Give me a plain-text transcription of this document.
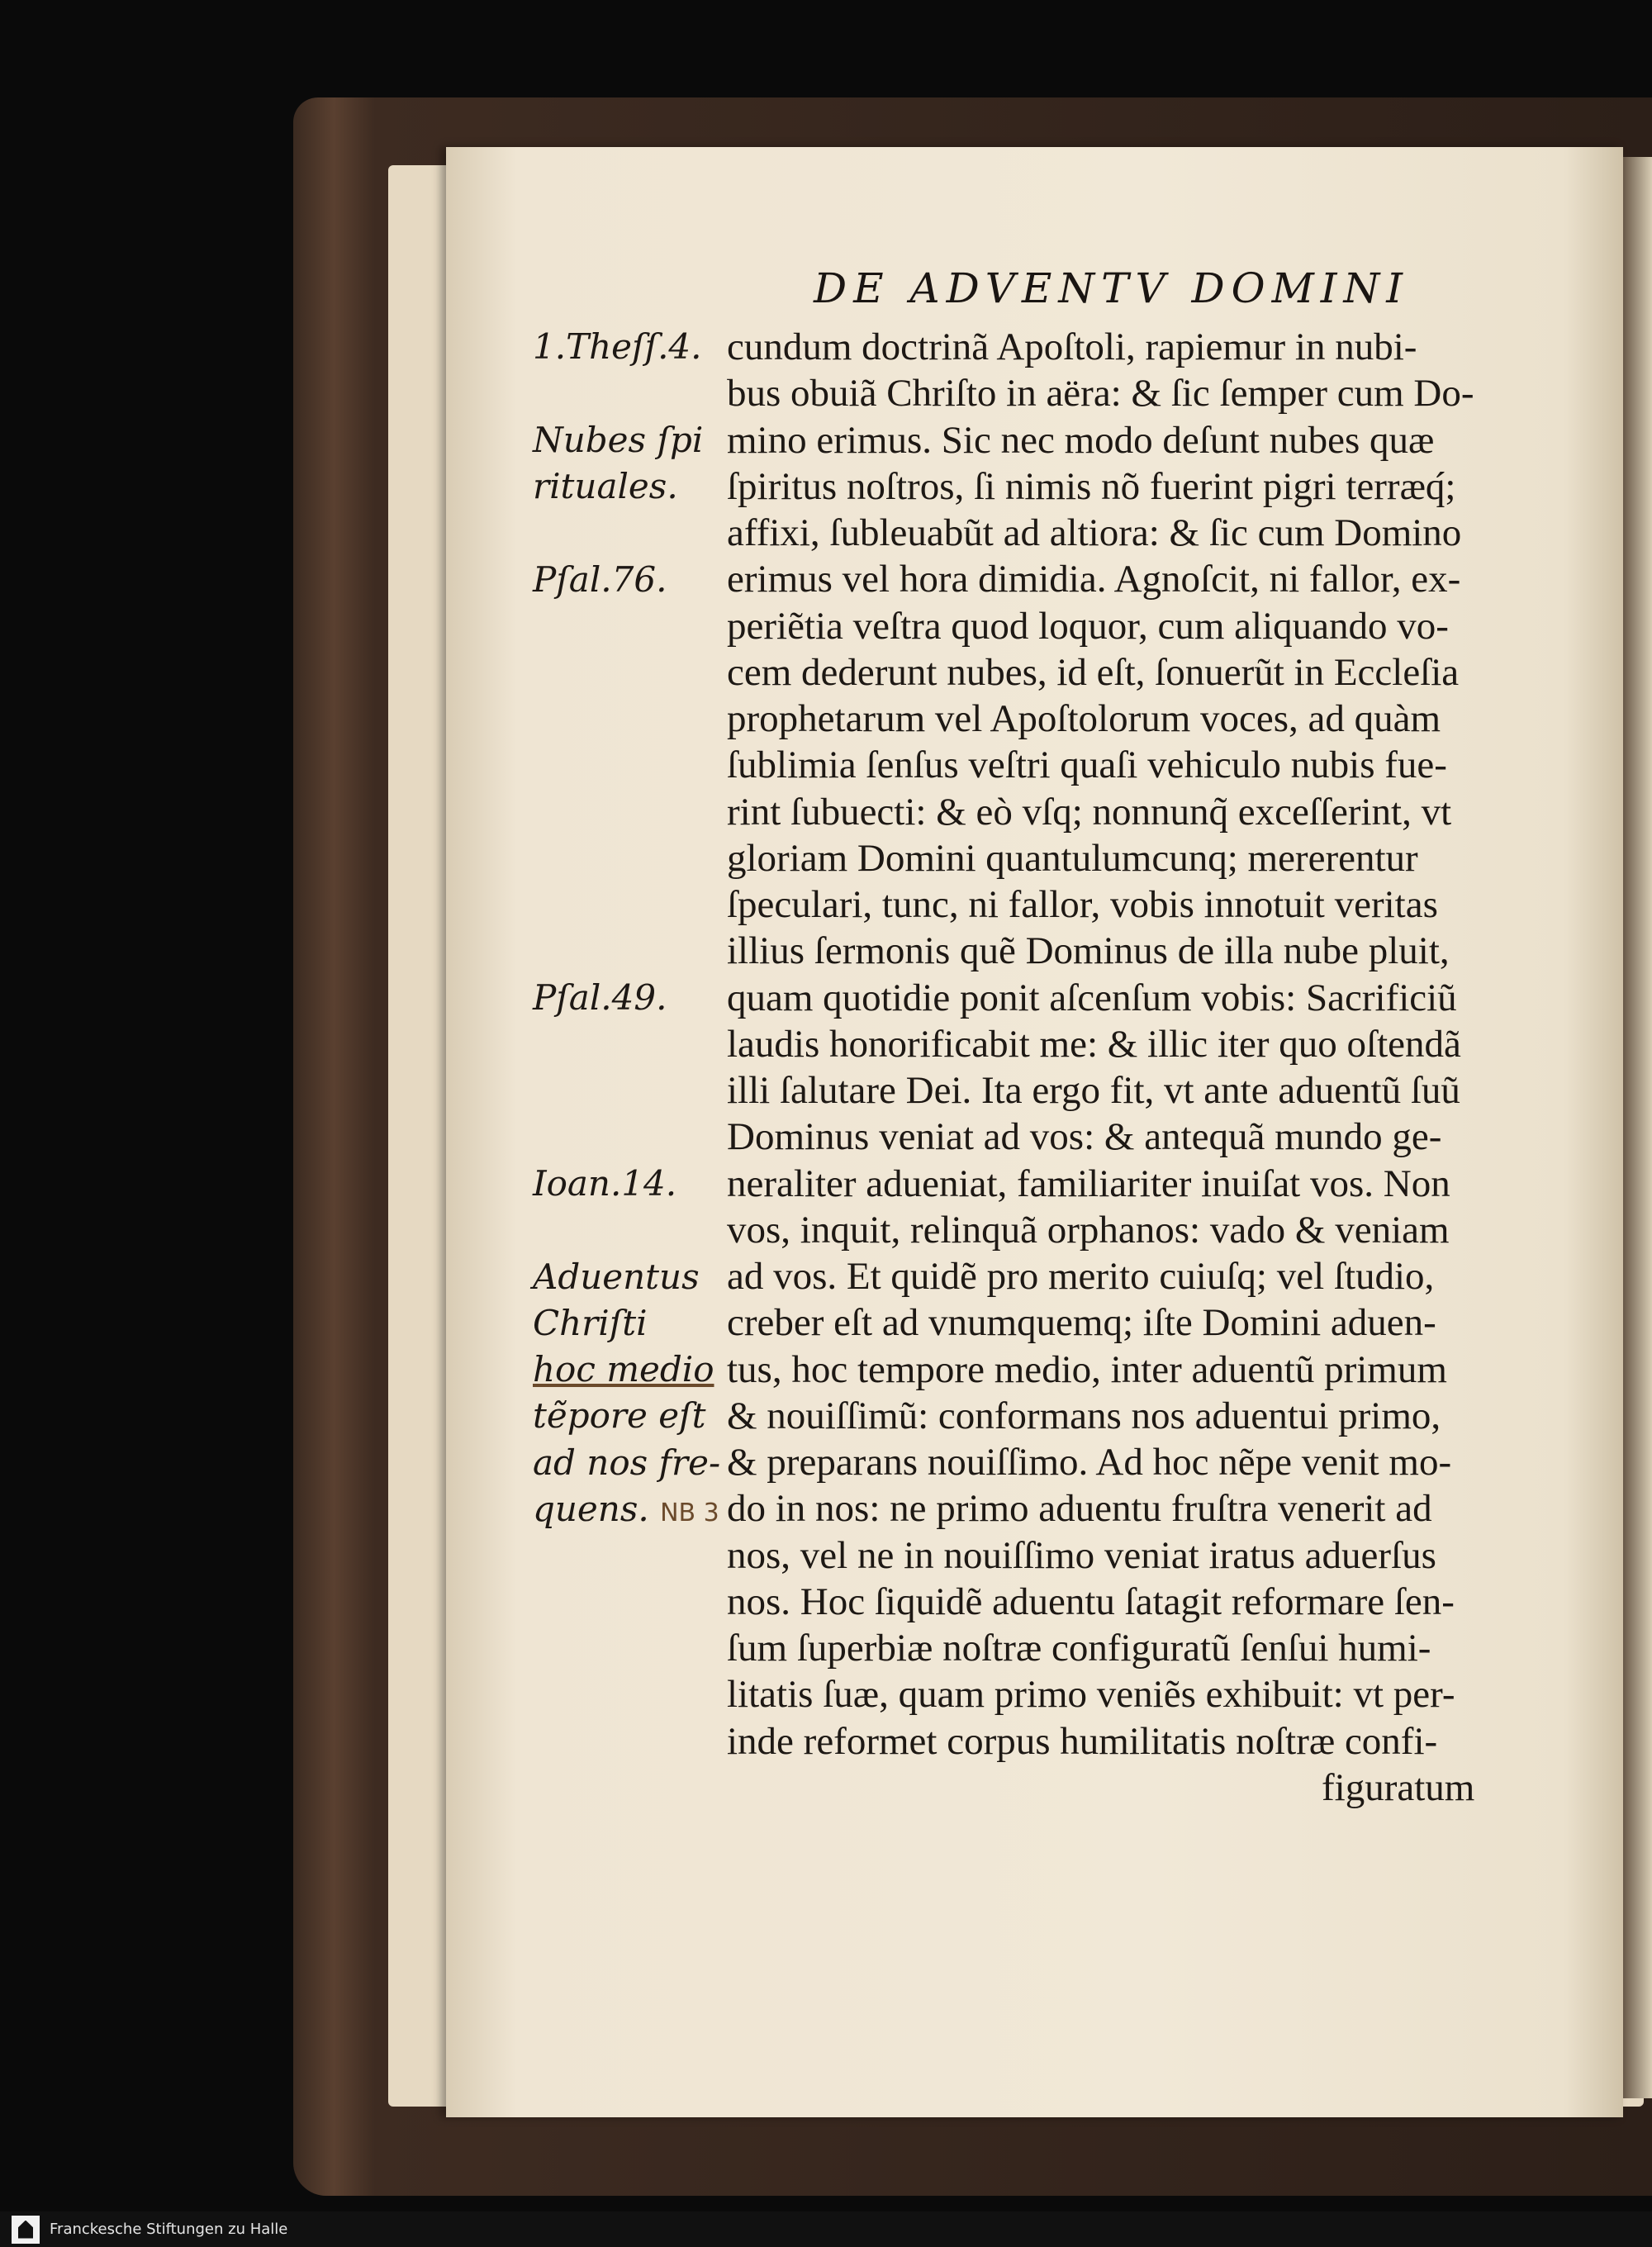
DE ADVENTV DOMINI
1.Theſſ.4.
Nubes ſpi
rituales.
Pſal.76.
Pſal.49.
Ioan.14.
Aduentus
Chriſti
hoc medio
tẽpore eſt
ad nos fre-
quens. NB 3
cundum doctrinã Apoſtoli, rapiemur in nubi-
bus obuiã Chriſto in aëra: & ſic ſemper cum Do-
mino erimus. Sic nec modo deſunt nubes quæ
ſpiritus noſtros, ſi nimis nõ fuerint pigri terræq́;
affixi, ſubleuabũt ad altiora: & ſic cum Domino
erimus vel hora dimidia. Agnoſcit, ni fallor, ex-
periẽtia veſtra quod loquor, cum aliquando vo-
cem dederunt nubes, id eſt, ſonuerũt in Eccleſia
prophetarum vel Apoſtolorum voces, ad quàm
ſublimia ſenſus veſtri quaſi vehiculo nubis fue-
rint ſubuecti: & eò vſq; nonnunq̃ exceſſerint, vt
gloriam Domini quantulumcunq; mererentur
ſpeculari, tunc, ni fallor, vobis innotuit veritas
illius ſermonis quẽ Dominus de illa nube pluit,
quam quotidie ponit aſcenſum vobis: Sacrificiũ
laudis honorificabit me: & illic iter quo oſtendã
illi ſalutare Dei. Ita ergo fit, vt ante aduentũ ſuũ
Dominus veniat ad vos: & antequã mundo ge-
neraliter adueniat, familiariter inuiſat vos. Non
vos, inquit, relinquã orphanos: vado & veniam
ad vos. Et quidẽ pro merito cuiuſq; vel ſtudio,
creber eſt ad vnumquemq; iſte Domini aduen-
tus, hoc tempore medio, inter aduentũ primum
& nouiſſimũ: conformans nos aduentui primo,
& preparans nouiſſimo. Ad hoc nẽpe venit mo-
do in nos: ne primo aduentu fruſtra venerit ad
nos, vel ne in nouiſſimo veniat iratus aduerſus
nos. Hoc ſiquidẽ aduentu ſatagit reformare ſen-
ſum ſuperbiæ noſtræ configuratũ ſenſui humi-
litatis ſuæ, quam primo veniẽs exhibuit: vt per-
inde reformet corpus humilitatis noſtræ confi-
figuratum
Franckesche Stiftungen zu Halle
